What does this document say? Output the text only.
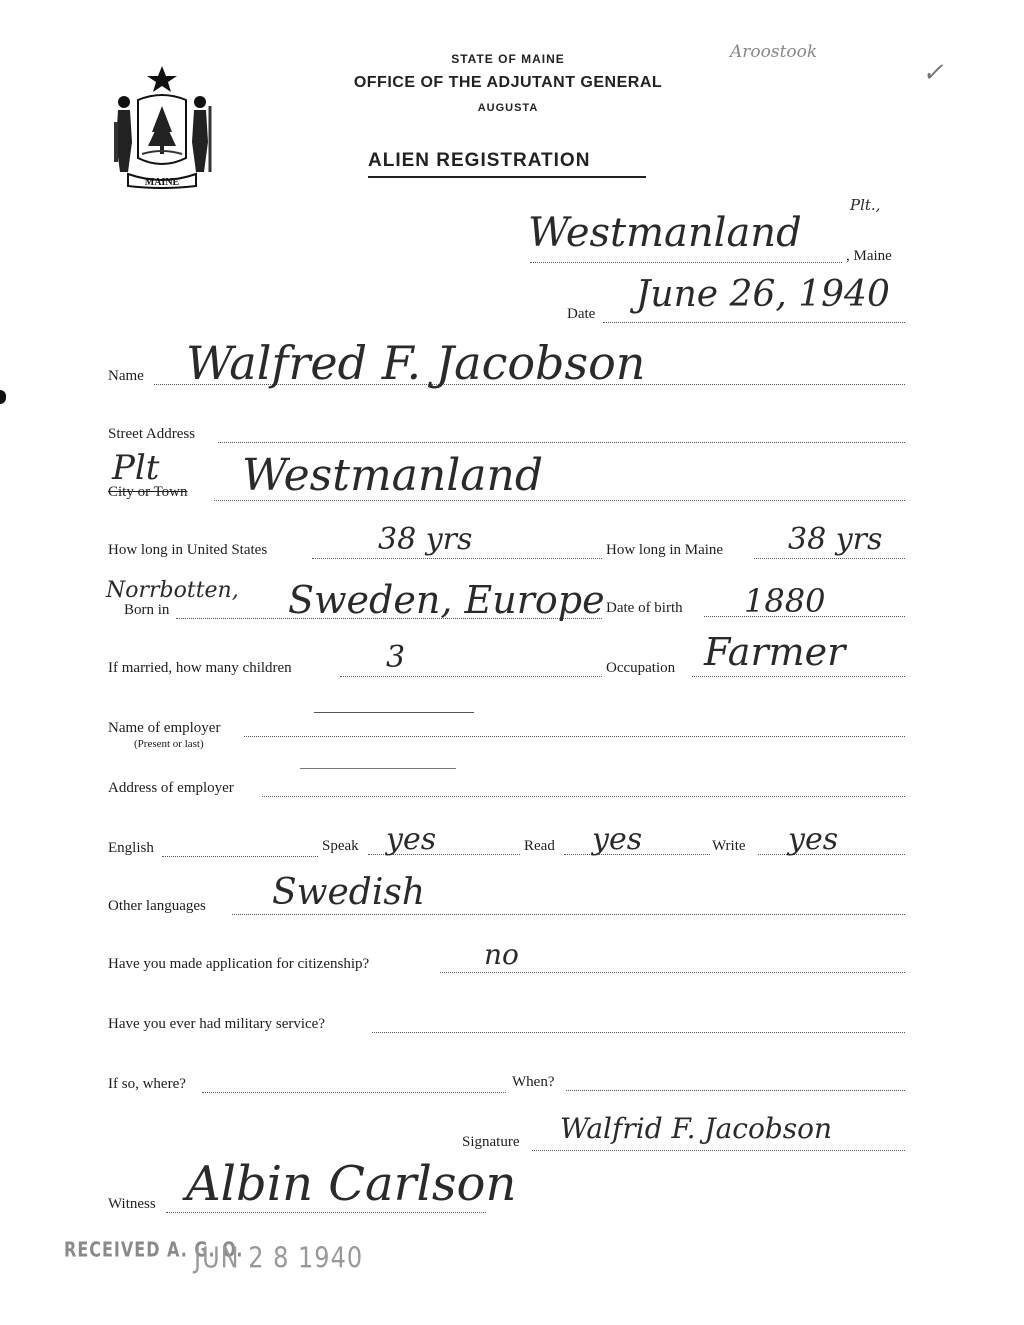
MAINE
STATE OF MAINE
OFFICE OF THE ADJUTANT GENERAL
AUGUSTA
ALIEN REGISTRATION
Aroostook
✓
Westmanland
Plt.,
, Maine
Date June 26, 1940
Name Walfred F. Jacobson
Street Address
Plt
City or Town Westmanland
How long in United States	38 yrs	How long in Maine 38 yrs
Norrbotten,
Born in	Sweden, Europe Date of birth 1880
If married, how many children	3	Occupation Farmer
Name of employer
(Present or last)
Address of employer
English	Speak yes	Read yes	Write yes
Other languages Swedish
Have you made application for citizenship?	no
Have you ever had military service?
If so, where?	When?
Signature Walfrid F. Jacobson
Witness Albin Carlson
RECEIVED A. G. O.
JUN 2 8 1940
